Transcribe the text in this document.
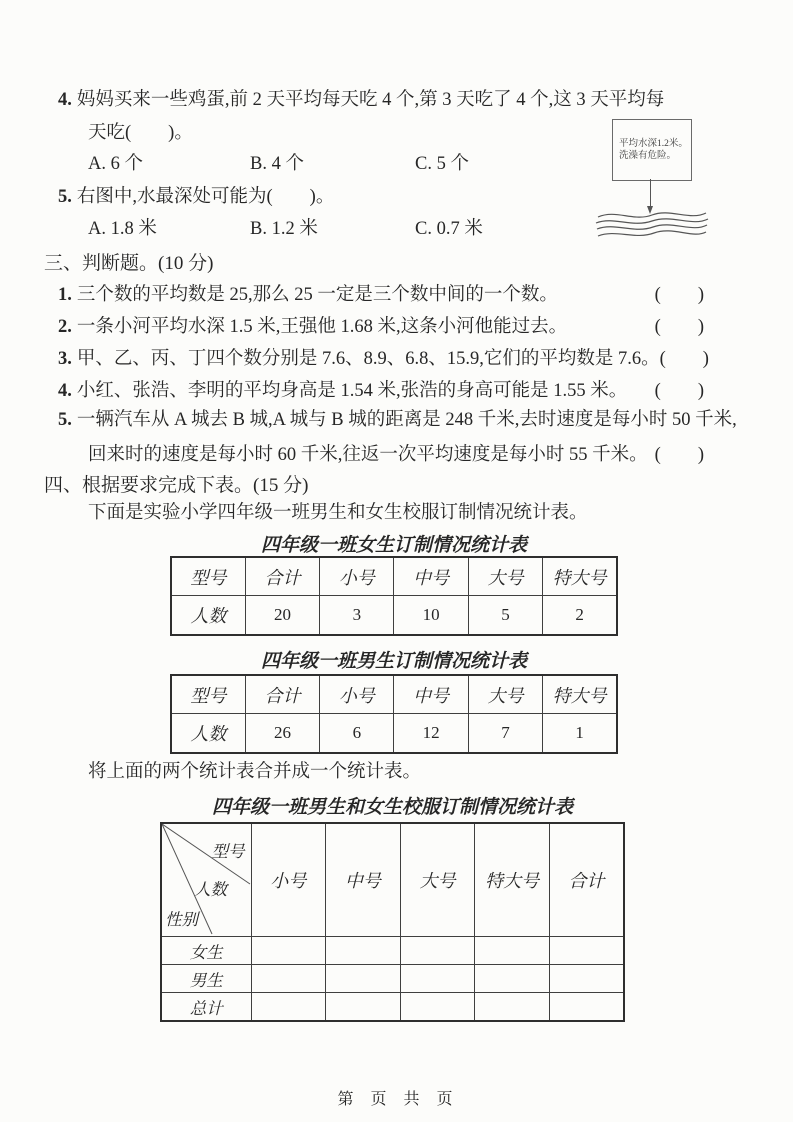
4. 妈妈买来一些鸡蛋,前 2 天平均每天吃 4 个,第 3 天吃了 4 个,这 3 天平均每
天吃(　　)。
A. 6 个	B. 4 个	C. 5 个
平均水深1.2米。
洗澡有危险。
5. 右图中,水最深处可能为(　　)。
A. 1.8 米	B. 1.2 米	C. 0.7 米
三、判断题。(10 分)
1. 三个数的平均数是 25,那么 25 一定是三个数中间的一个数。	(　　)
2. 一条小河平均水深 1.5 米,王强他 1.68 米,这条小河他能过去。	(　　)
3. 甲、乙、丙、丁四个数分别是 7.6、8.9、6.8、15.9,它们的平均数是 7.6。 (　　)
4. 小红、张浩、李明的平均身高是 1.54 米,张浩的身高可能是 1.55 米。 (　　)
5. 一辆汽车从 A 城去 B 城,A 城与 B 城的距离是 248 千米,去时速度是每小时 50 千米,
回来时的速度是每小时 60 千米,往返一次平均速度是每小时 55 千米。 (　　)
四、根据要求完成下表。(15 分)
下面是实验小学四年级一班男生和女生校服订制情况统计表。
四年级一班女生订制情况统计表
型号	合计	小号	中号	大号	特大号
人数	20	3	10	5	2
四年级一班男生订制情况统计表
型号	合计	小号	中号	大号	特大号
人数	26	6	12	7	1
将上面的两个统计表合并成一个统计表。
四年级一班男生和女生校服订制情况统计表
型号
人数
性别	小号	中号	大号	特大号	合计
女生					
男生					
总计					
第  页  共  页
